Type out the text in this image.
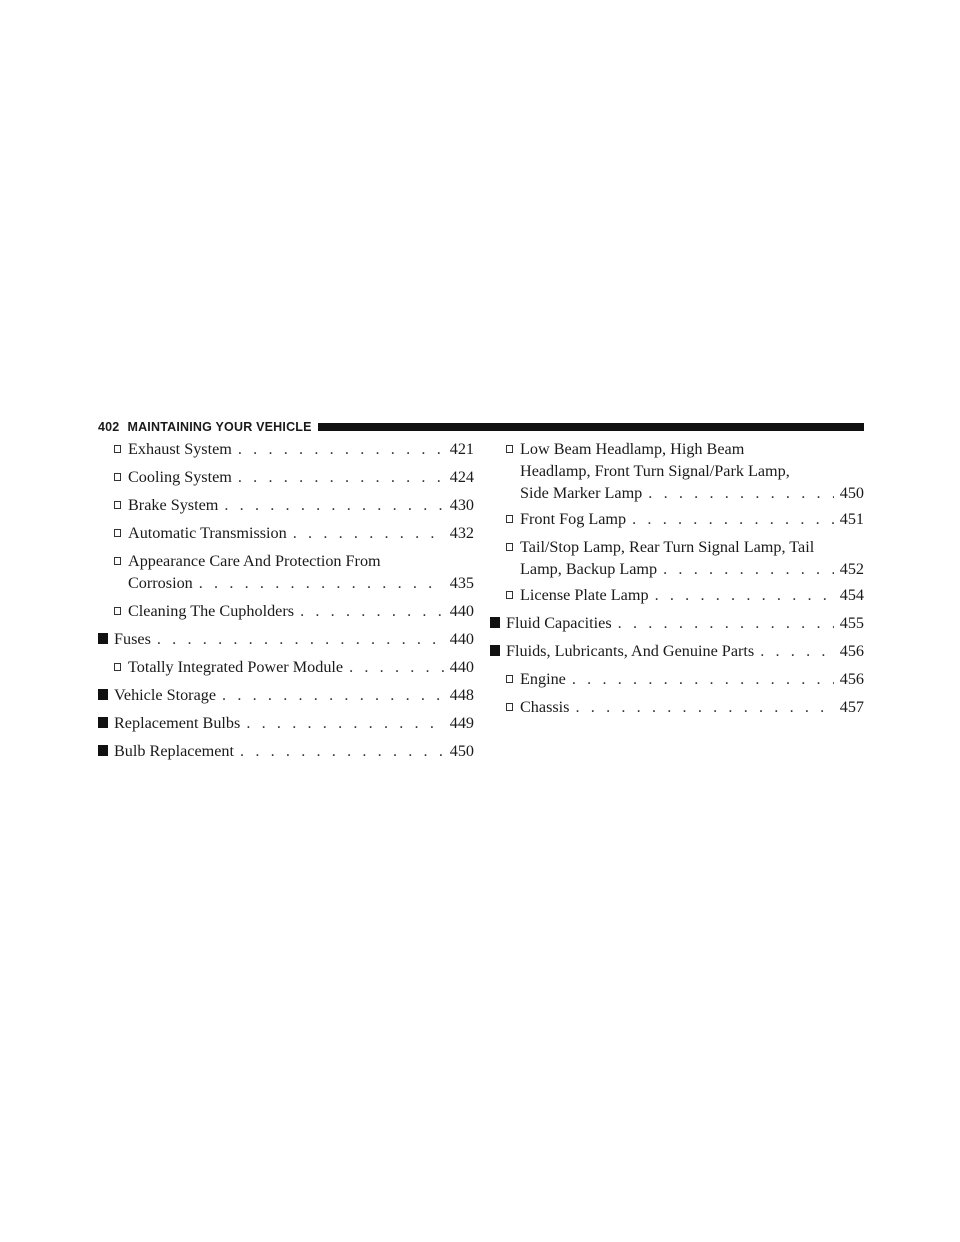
402 MAINTAINING YOUR VEHICLE
Exhaust System . . .	421
Cooling System . . .	424
Brake System . . .	430
Automatic Transmission . . .	432
Appearance Care And Protection From
Corrosion . . .	435
Cleaning The Cupholders . . .	440
Fuses . . .	440
Totally Integrated Power Module . . .	440
Vehicle Storage . . .	448
Replacement Bulbs . . .	449
Bulb Replacement . . .	450
Low Beam Headlamp, High Beam
Headlamp, Front Turn Signal/Park Lamp,
Side Marker Lamp . . .	450
Front Fog Lamp . . .	451
Tail/Stop Lamp, Rear Turn Signal Lamp, Tail
Lamp, Backup Lamp . . .	452
License Plate Lamp . . .	454
Fluid Capacities . . .	455
Fluids, Lubricants, And Genuine Parts . . .	456
Engine . . .	456
Chassis . . .	457
